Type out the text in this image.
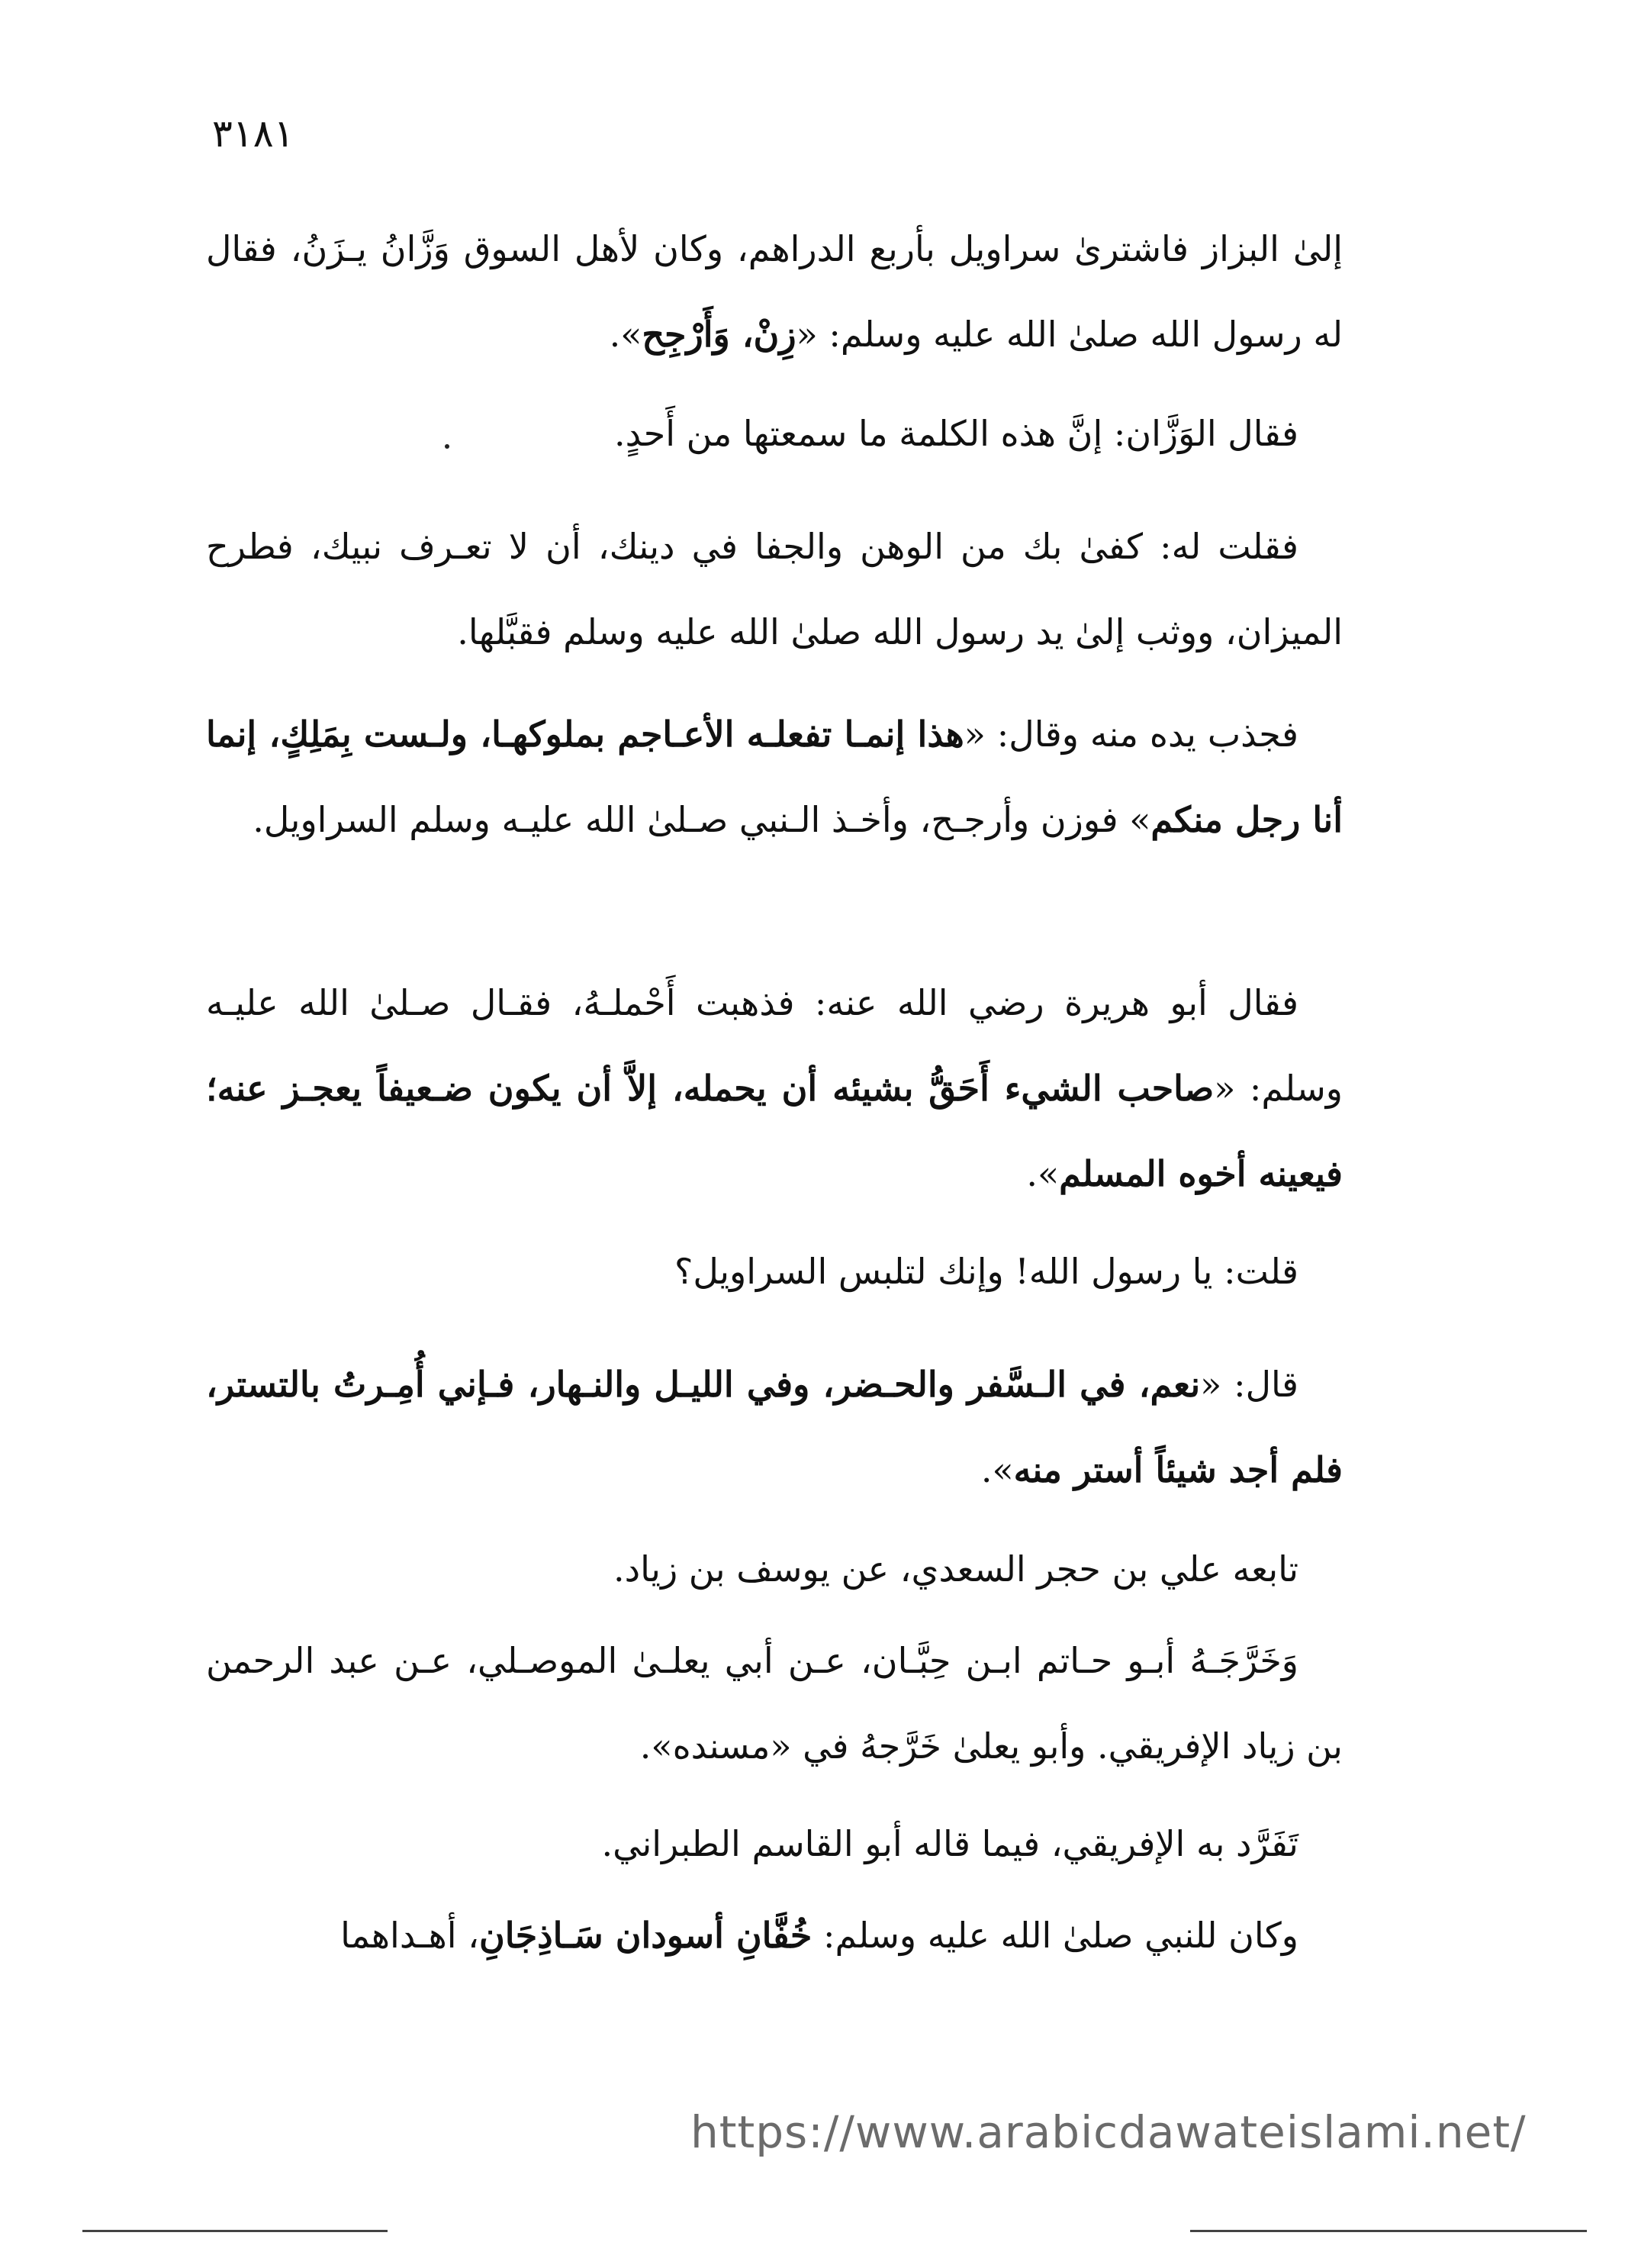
٣١٨١

إلىٰ البزاز فاشترىٰ سراويل بأربع الدراهم، وكان لأهل السوق وَزَّانُ يـزَنُ، فقال له رسول الله صلىٰ الله عليه وسلم: «زِنْ، وَأَرْجِح».

فقال الوَزَّان: إنَّ هذه الكلمة ما سمعتها من أَحدٍ.

فقلت له: كفىٰ بك من الوهن والجفا في دينك، أن لا تعـرف نبيك، فطرح الميزان، ووثب إلىٰ يد رسول الله صلىٰ الله عليه وسلم فقبَّلها.

فجذب يده منه وقال: «هذا إنمـا تفعلـه الأعـاجم بملوكهـا، ولـست بِمَلِكٍ، إنما أنا رجل منكم» فوزن وأرجـح، وأخـذ الـنبي صـلىٰ الله عليـه وسلم السراويل.

فقال أبو هريرة رضي الله عنه: فذهبت أَحْملـهُ، فقـال صـلىٰ الله عليـه وسلم: «صاحب الشيء أَحَقُّ بشيئه أن يحمله، إلاَّ أن يكون ضـعيفاً يعجـز عنه؛ فيعينه أخوه المسلم».

قلت: يا رسول الله! وإنك لتلبس السراويل؟

قال: «نعم، في الـسَّفر والحـضر، وفي الليـل والنـهار، فـإني أُمِـرتُ بالتستر، فلم أجد شيئاً أستر منه».

تابعه علي بن حجر السعدي، عن يوسف بن زياد.

وَخَرَّجَـهُ أبـو حـاتم ابـن حِبَّـان، عـن أبي يعلـىٰ الموصـلي، عـن عبد الرحمن بن زياد الإفريقي. وأبو يعلىٰ خَرَّجهُ في «مسنده».

تَفَرَّد به الإفريقي، فيما قاله أبو القاسم الطبراني.

وكان للنبي صلىٰ الله عليه وسلم: خُفَّانِ أسودان سَـاذِجَانِ، أهـداهما

https://www.arabicdawateislami.net/
